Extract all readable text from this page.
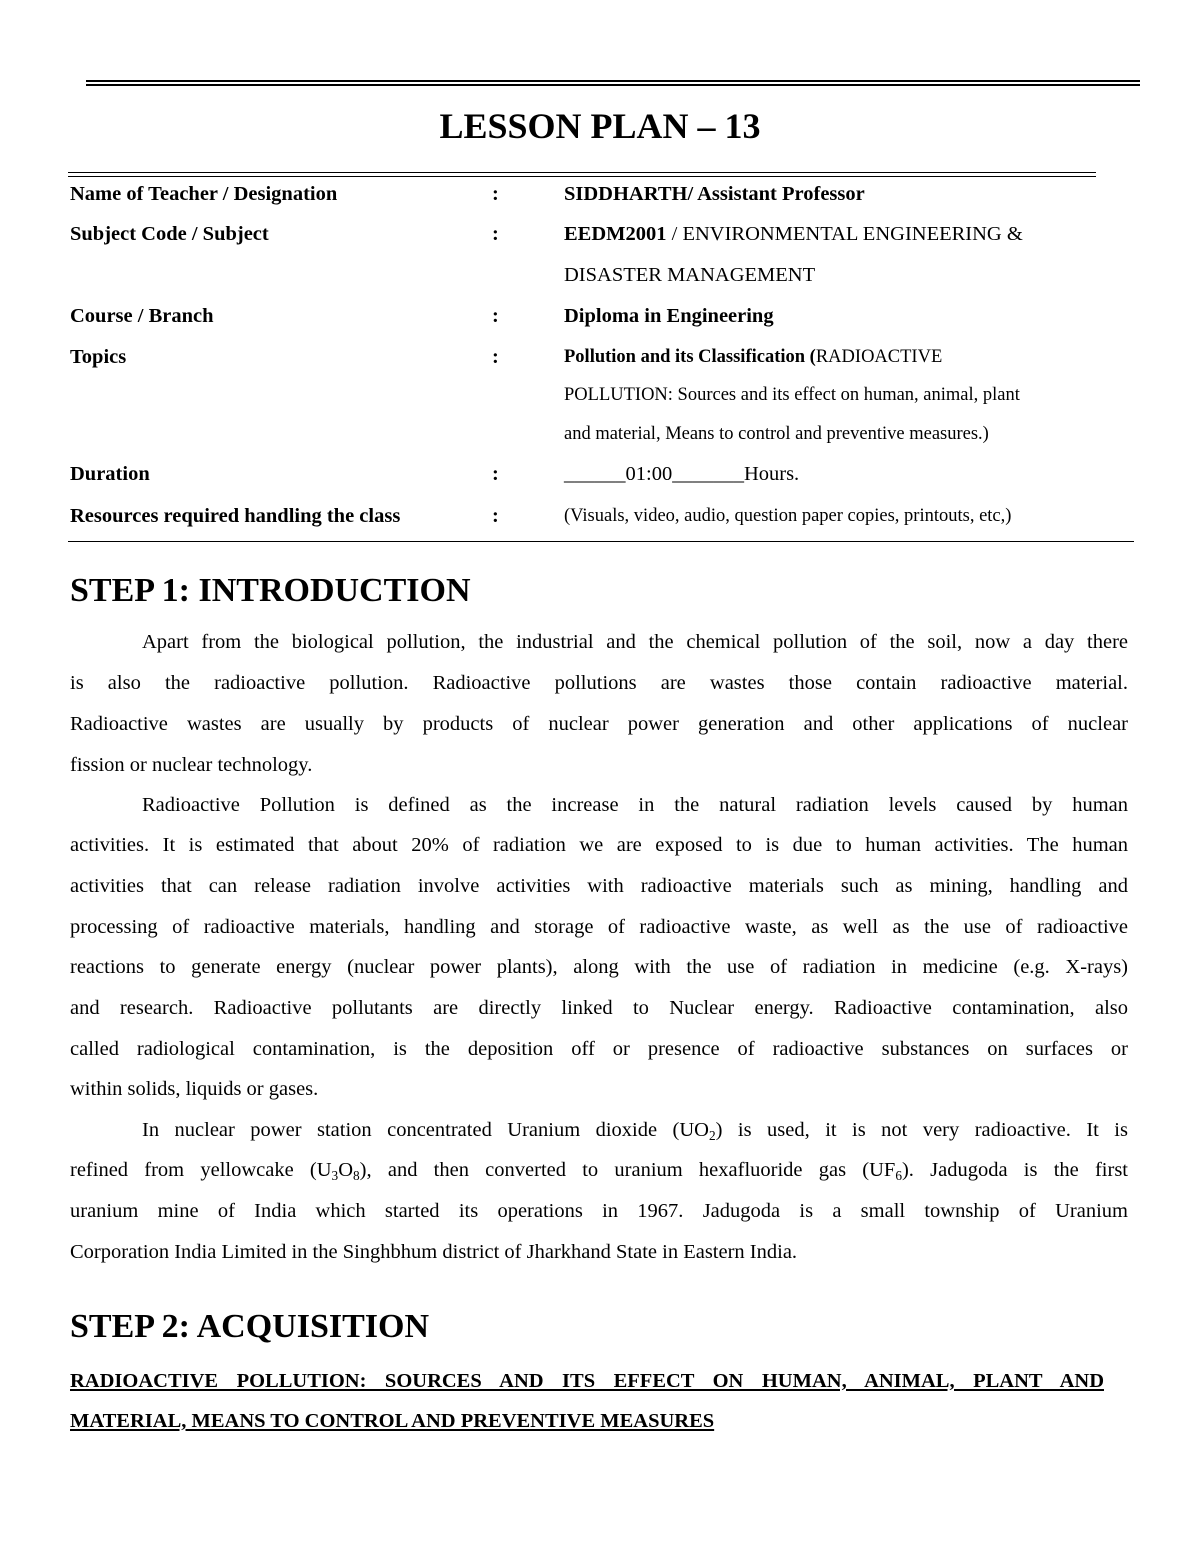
LESSON PLAN – 13
Name of Teacher / Designation	:	SIDDHARTH/ Assistant Professor
Subject Code / Subject	:	EEDM2001 / ENVIRONMENTAL ENGINEERING &
DISASTER MANAGEMENT
Course / Branch	:	Diploma in Engineering
Topics	:	Pollution and its Classification (RADIOACTIVE
POLLUTION: Sources and its effect on human, animal, plant
and material, Means to control and preventive measures.)
Duration	:	______01:00_______Hours.
Resources required handling the class	:	(Visuals, video, audio, question paper copies, printouts, etc,)
STEP 1: INTRODUCTION
Apart from the biological pollution, the industrial and the chemical pollution of the soil, now a day there
is also the radioactive pollution. Radioactive pollutions are wastes those contain radioactive material.
Radioactive wastes are usually by products of nuclear power generation and other applications of nuclear
fission or nuclear technology.
Radioactive Pollution is defined as the increase in the natural radiation levels caused by human
activities. It is estimated that about 20% of radiation we are exposed to is due to human activities. The human
activities that can release radiation involve activities with radioactive materials such as mining, handling and
processing of radioactive materials, handling and storage of radioactive waste, as well as the use of radioactive
reactions to generate energy (nuclear power plants), along with the use of radiation in medicine (e.g. X-rays)
and research. Radioactive pollutants are directly linked to Nuclear energy. Radioactive contamination, also
called radiological contamination, is the deposition off or presence of radioactive substances on surfaces or
within solids, liquids or gases.
In nuclear power station concentrated Uranium dioxide $(UO_2)$ is used, it is not very radioactive. It is
refined from yellowcake $(U_3O_8)$, and then converted to uranium hexafluoride gas $(UF_6)$. Jadugoda is the first
uranium mine of India which started its operations in 1967. Jadugoda is a small township of Uranium
Corporation India Limited in the Singhbhum district of Jharkhand State in Eastern India.
STEP 2: ACQUISITION
RADIOACTIVE POLLUTION: SOURCES AND ITS EFFECT ON HUMAN, ANIMAL, PLANT AND
MATERIAL, MEANS TO CONTROL AND PREVENTIVE MEASURES
